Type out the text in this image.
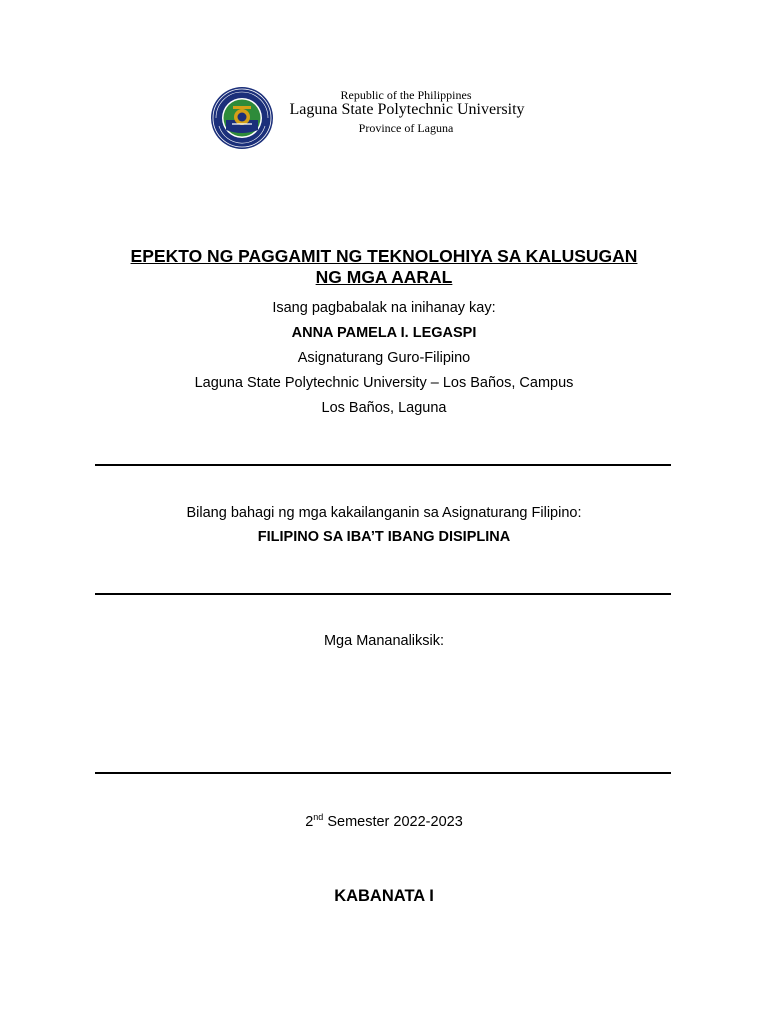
Republic of the Philippines
Laguna State Polytechnic University
Province of Laguna
EPEKTO NG PAGGAMIT NG TEKNOLOHIYA SA KALUSUGAN
NG MGA AARAL
Isang pagbabalak na inihanay kay:
ANNA PAMELA I. LEGASPI
Asignaturang Guro-Filipino
Laguna State Polytechnic University – Los Baños, Campus
Los Baños, Laguna
Bilang bahagi ng mga kakailanganin sa Asignaturang Filipino:
FILIPINO SA IBA’T IBANG DISIPLINA
Mga Mananaliksik:
2nd Semester 2022-2023
KABANATA I
